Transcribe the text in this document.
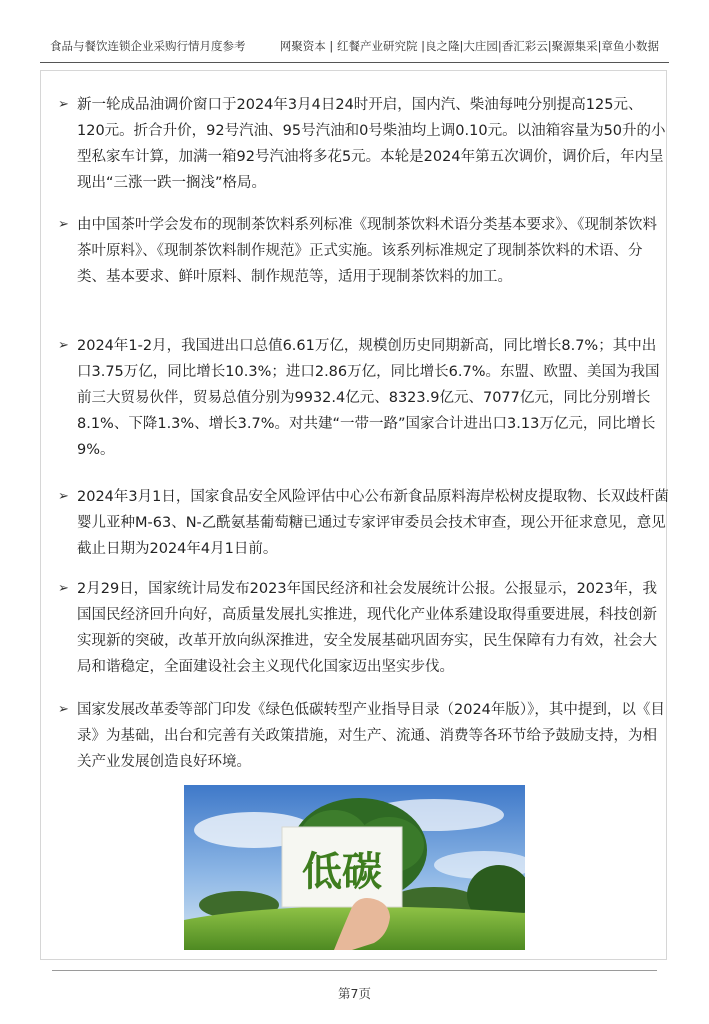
食品与餐饮连锁企业采购行情月度参考	网聚资本 | 红餐产业研究院 |良之隆|大庄园|香汇彩云|聚源集采|章鱼小数据
➢ 新一轮成品油调价窗口于2024年3月4日24时开启，国内汽、柴油每吨分别提高125元、120元。折合升价，92号汽油、95号汽油和0号柴油均上调0.10元。以油箱容量为50升的小型私家车计算，加满一箱92号汽油将多花5元。本轮是2024年第五次调价，调价后，年内呈现出“三涨一跌一搁浅”格局。
➢ 由中国茶叶学会发布的现制茶饮料系列标准《现制茶饮料术语分类基本要求》、《现制茶饮料茶叶原料》、《现制茶饮料制作规范》正式实施。该系列标准规定了现制茶饮料的术语、分类、基本要求、鲜叶原料、制作规范等，适用于现制茶饮料的加工。
➢ 2024年1-2月，我国进出口总值6.61万亿，规模创历史同期新高，同比增长8.7%；其中出口3.75万亿，同比增长10.3%；进口2.86万亿，同比增长6.7%。东盟、欧盟、美国为我国前三大贸易伙伴，贸易总值分别为9932.4亿元、8323.9亿元、7077亿元，同比分别增长8.1%、下降1.3%、增长3.7%。对共建“一带一路”国家合计进出口3.13万亿元，同比增长9%。
➢ 2024年3月1日，国家食品安全风险评估中心公布新食品原料海岸松树皮提取物、长双歧杆菌婴儿亚种M-63、N-乙酰氨基葡萄糖已通过专家评审委员会技术审查，现公开征求意见，意见截止日期为2024年4月1日前。
➢ 2月29日，国家统计局发布2023年国民经济和社会发展统计公报。公报显示，2023年，我国国民经济回升向好，高质量发展扎实推进，现代化产业体系建设取得重要进展，科技创新实现新的突破，改革开放向纵深推进，安全发展基础巩固夯实，民生保障有力有效，社会大局和谐稳定，全面建设社会主义现代化国家迈出坚实步伐。
➢ 国家发展改革委等部门印发《绿色低碳转型产业指导目录（2024年版）》，其中提到，以《目录》为基础，出台和完善有关政策措施，对生产、流通、消费等各环节给予鼓励支持，为相关产业发展创造良好环境。
低碳
第7页
